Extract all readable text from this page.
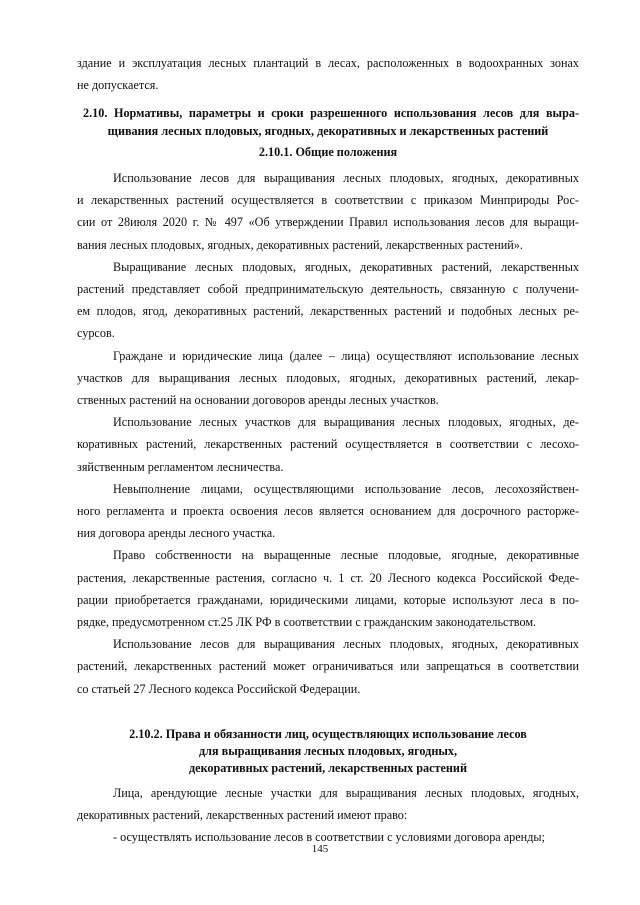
здание и эксплуатация лесных плантаций в лесах, расположенных в водоохранных зонах
не допускается.
2.10. Нормативы, параметры и сроки разрешенного использования лесов для выра-
щивания лесных плодовых, ягодных, декоративных и лекарственных растений
2.10.1. Общие положения
Использование лесов для выращивания лесных плодовых, ягодных, декоративных
и лекарственных растений осуществляется в соответствии с приказом Минприроды Рос-
сии от 28июля 2020 г. № 497 «Об утверждении Правил использования лесов для выращи-
вания лесных плодовых, ягодных, декоративных растений, лекарственных растений».
Выращивание лесных плодовых, ягодных, декоративных растений, лекарственных
растений представляет собой предпринимательскую деятельность, связанную с получени-
ем плодов, ягод, декоративных растений, лекарственных растений и подобных лесных ре-
сурсов.
Граждане и юридические лица (далее – лица) осуществляют использование лесных
участков для выращивания лесных плодовых, ягодных, декоративных растений, лекар-
ственных растений на основании договоров аренды лесных участков.
Использование лесных участков для выращивания лесных плодовых, ягодных, де-
коративных растений, лекарственных растений осуществляется в соответствии с лесохо-
зяйственным регламентом лесничества.
Невыполнение лицами, осуществляющими использование лесов, лесохозяйствен-
ного регламента и проекта освоения лесов является основанием для досрочного расторже-
ния договора аренды лесного участка.
Право собственности на выращенные лесные плодовые, ягодные, декоративные
растения, лекарственные растения, согласно ч. 1 ст. 20 Лесного кодекса Российской Феде-
рации приобретается гражданами, юридическими лицами, которые используют леса в по-
рядке, предусмотренном ст.25 ЛК РФ в соответствии с гражданским законодательством.
Использование лесов для выращивания лесных плодовых, ягодных, декоративных
растений, лекарственных растений может ограничиваться или запрещаться в соответствии
со статьей 27 Лесного кодекса Российской Федерации.
2.10.2. Права и обязанности лиц, осуществляющих использование лесов
для выращивания лесных плодовых, ягодных,
декоративных растений, лекарственных растений
Лица, арендующие лесные участки для выращивания лесных плодовых, ягодных,
декоративных растений, лекарственных растений имеют право:
- осуществлять использование лесов в соответствии с условиями договора аренды;
145
